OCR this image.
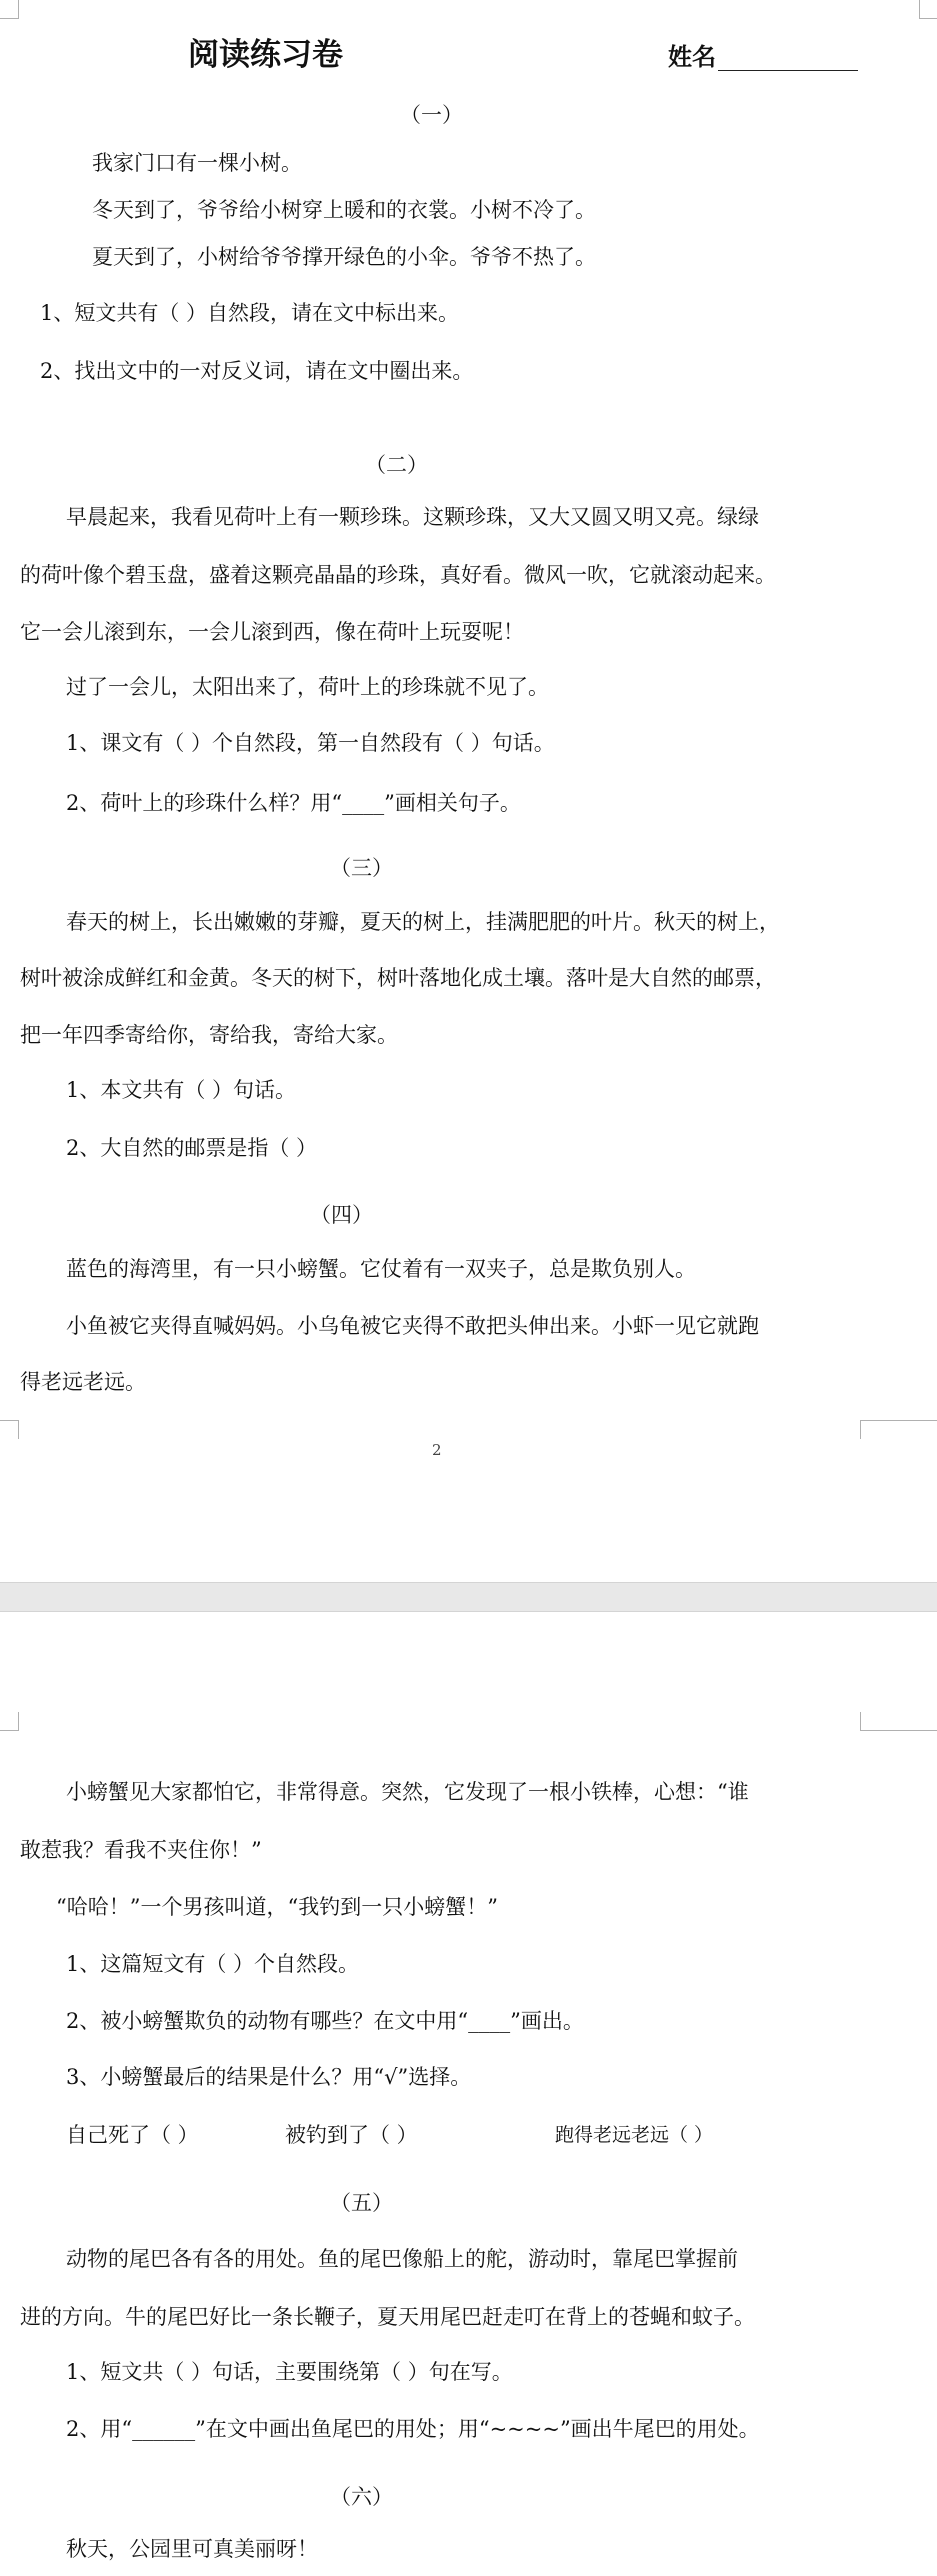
阅读练习卷	姓名
（一）
我家门口有一棵小树。
冬天到了，爷爷给小树穿上暖和的衣裳。小树不冷了。
夏天到了，小树给爷爷撑开绿色的小伞。爷爷不热了。
1、短文共有（ ）自然段，请在文中标出来。
2、找出文中的一对反义词，请在文中圈出来。
（二）
早晨起来，我看见荷叶上有一颗珍珠。这颗珍珠，又大又圆又明又亮。绿绿
的荷叶像个碧玉盘，盛着这颗亮晶晶的珍珠，真好看。微风一吹，它就滚动起来。
它一会儿滚到东，一会儿滚到西，像在荷叶上玩耍呢！
过了一会儿，太阳出来了，荷叶上的珍珠就不见了。
1、课文有（ ）个自然段，第一自然段有（ ）句话。
2、荷叶上的珍珠什么样？用“____”画相关句子。
（三）
春天的树上，长出嫩嫩的芽瓣，夏天的树上，挂满肥肥的叶片。秋天的树上，
树叶被涂成鲜红和金黄。冬天的树下，树叶落地化成土壤。落叶是大自然的邮票，
把一年四季寄给你，寄给我，寄给大家。
1、本文共有（ ）句话。
2、大自然的邮票是指（ ）
（四）
蓝色的海湾里，有一只小螃蟹。它仗着有一双夹子，总是欺负别人。
小鱼被它夹得直喊妈妈。小乌龟被它夹得不敢把头伸出来。小虾一见它就跑
得老远老远。
2
小螃蟹见大家都怕它，非常得意。突然，它发现了一根小铁棒，心想：“谁
敢惹我？看我不夹住你！”
“哈哈！”一个男孩叫道，“我钓到一只小螃蟹！”
1、这篇短文有（ ）个自然段。
2、被小螃蟹欺负的动物有哪些？在文中用“____”画出。
3、小螃蟹最后的结果是什么？用“√”选择。
自己死了（ ）	被钓到了（ ）	跑得老远老远（ ）
（五）
动物的尾巴各有各的用处。鱼的尾巴像船上的舵，游动时，靠尾巴掌握前
进的方向。牛的尾巴好比一条长鞭子，夏天用尾巴赶走叮在背上的苍蝇和蚊子。
1、短文共（ ）句话，主要围绕第（ ）句在写。
2、用“______”在文中画出鱼尾巴的用处；用“~~~~”画出牛尾巴的用处。
（六）
秋天，公园里可真美丽呀！
